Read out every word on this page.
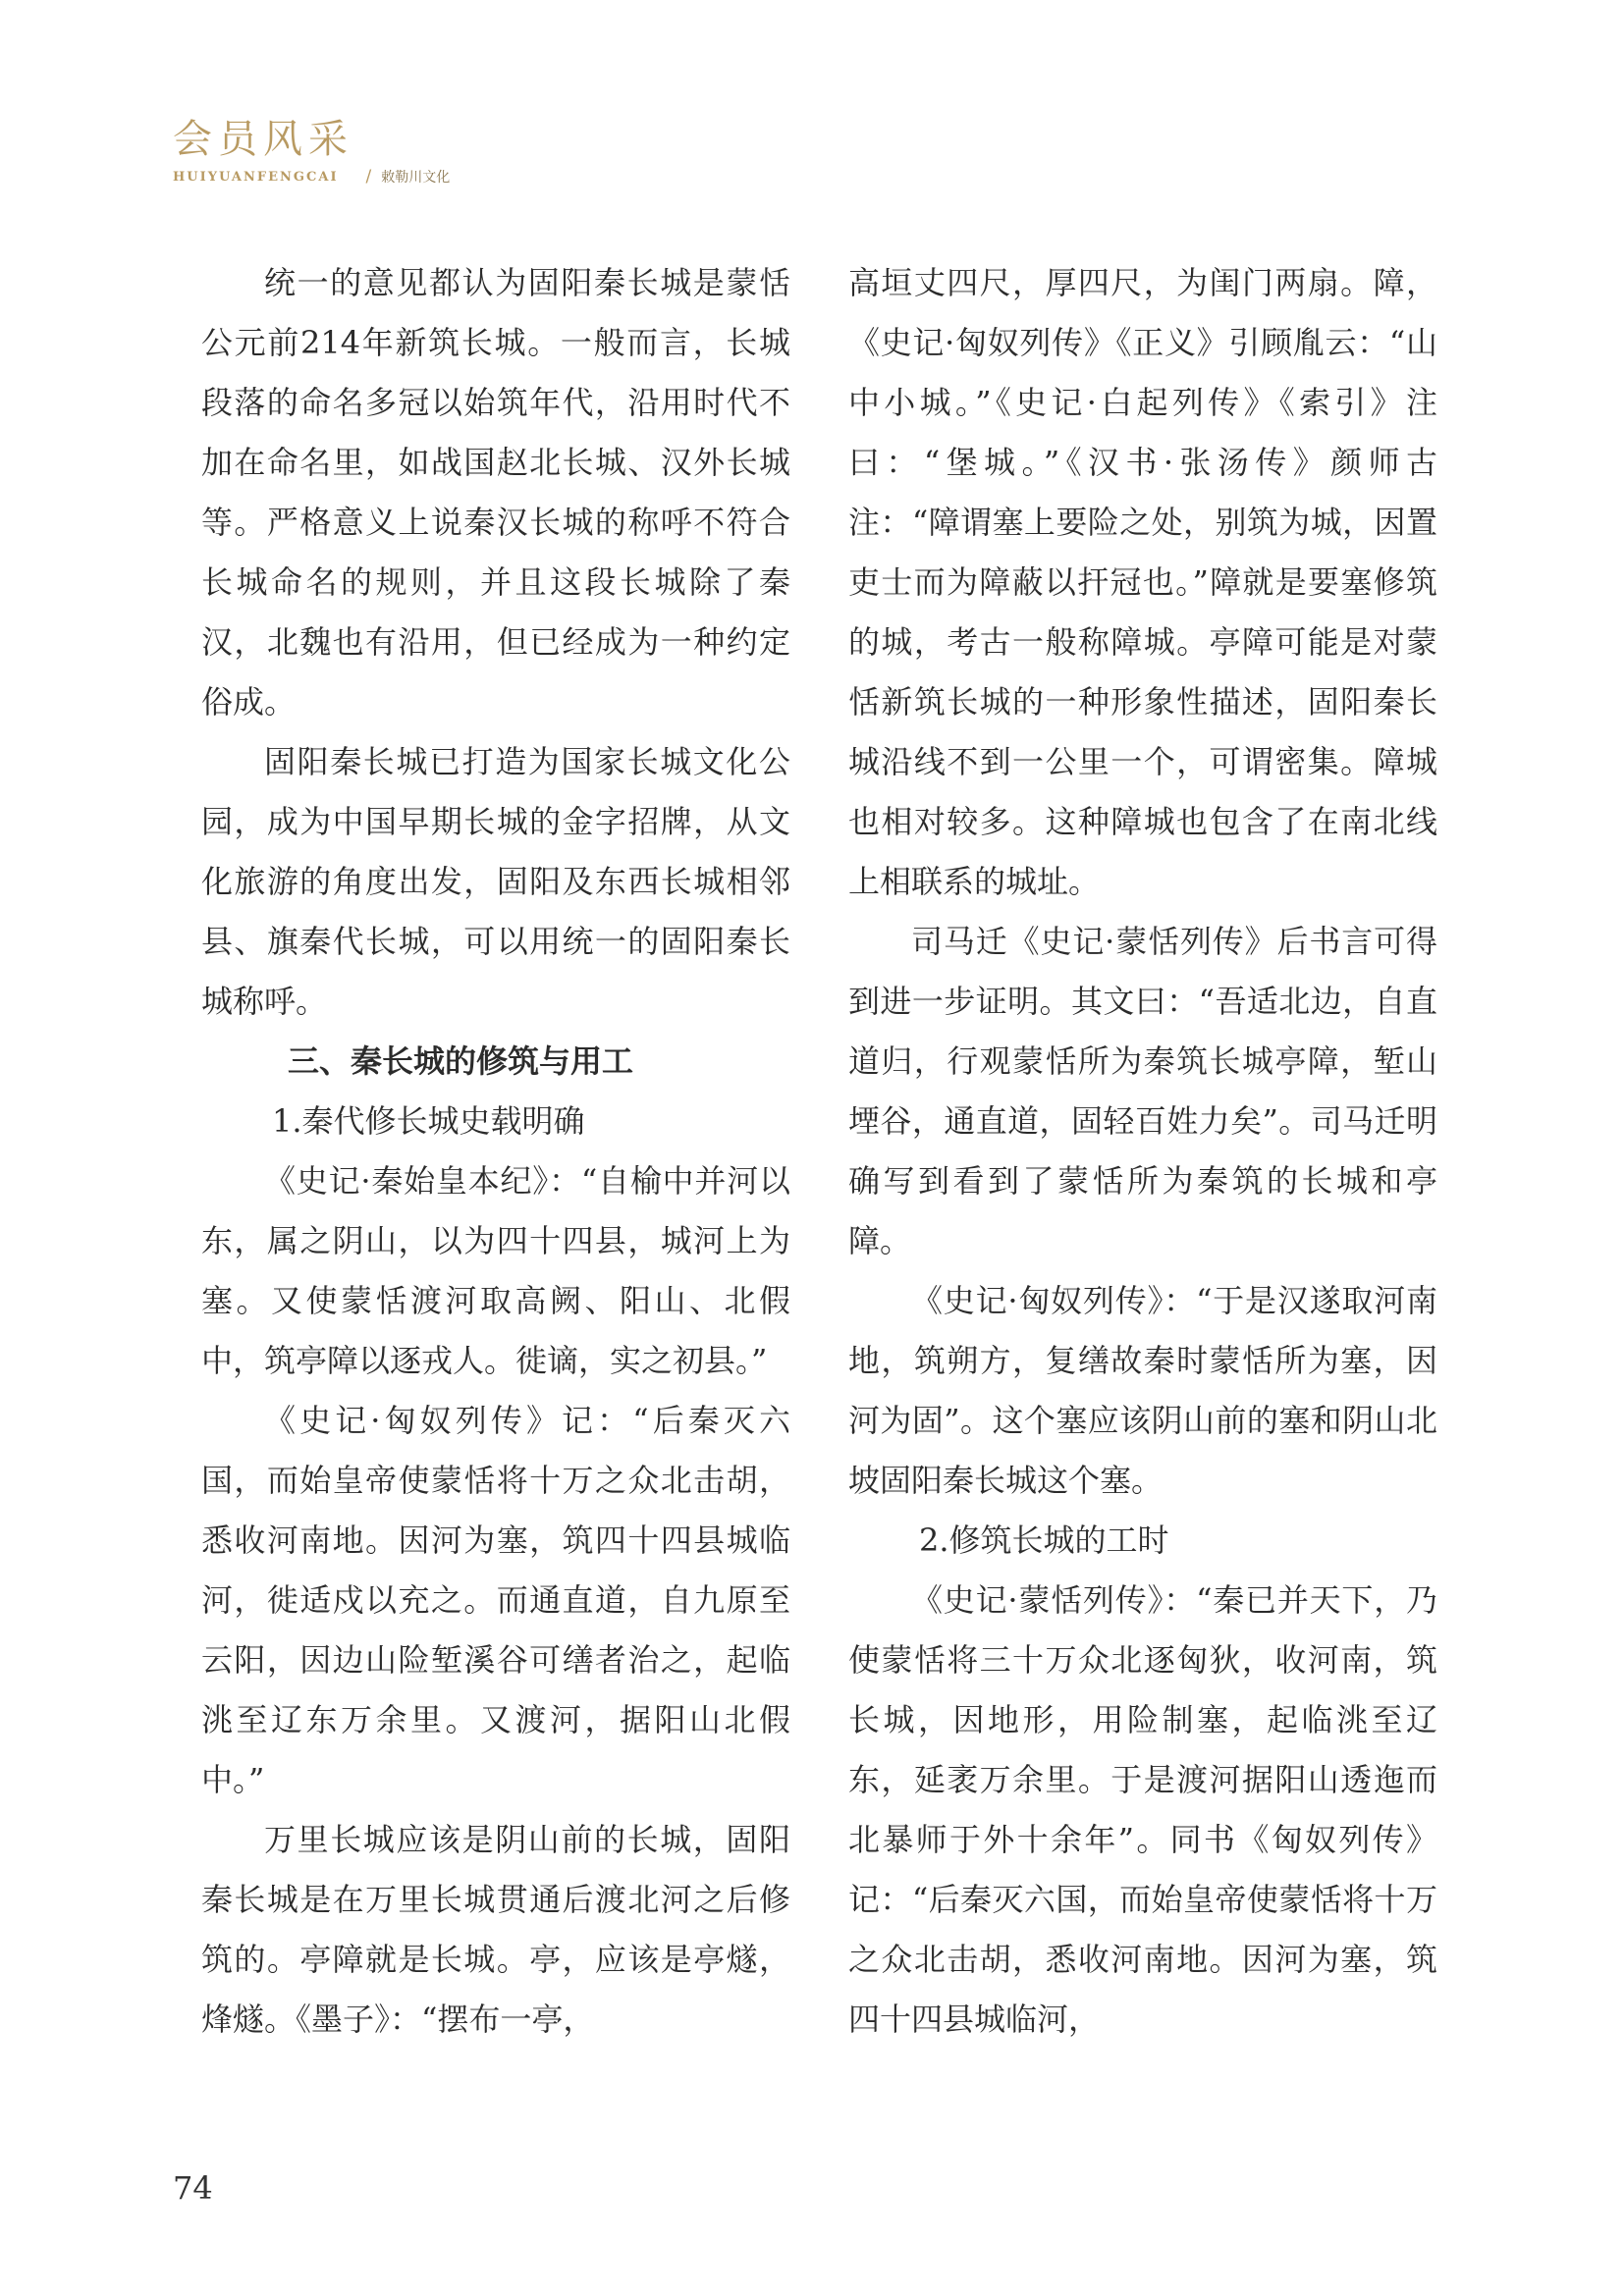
会员风采
HUIYUANFENGCAI / 敕勒川文化

统一的意见都认为固阳秦长城是蒙恬公元前214年新筑长城。一般而言，长城段落的命名多冠以始筑年代，沿用时代不加在命名里，如战国赵北长城、汉外长城等。严格意义上说秦汉长城的称呼不符合长城命名的规则，并且这段长城除了秦汉，北魏也有沿用，但已经成为一种约定俗成。

固阳秦长城已打造为国家长城文化公园，成为中国早期长城的金字招牌，从文化旅游的角度出发，固阳及东西长城相邻县、旗秦代长城，可以用统一的固阳秦长城称呼。

三、秦长城的修筑与用工

1.秦代修长城史载明确

《史记·秦始皇本纪》：“自榆中并河以东，属之阴山，以为四十四县，城河上为塞。又使蒙恬渡河取高阙、阳山、北假中，筑亭障以逐戎人。徙谪，实之初县。”

《史记·匈奴列传》记：“后秦灭六国，而始皇帝使蒙恬将十万之众北击胡，悉收河南地。因河为塞，筑四十四县城临河，徙适戍以充之。而通直道，自九原至云阳，因边山险堑溪谷可缮者治之，起临洮至辽东万余里。又渡河，据阳山北假中。”

万里长城应该是阴山前的长城，固阳秦长城是在万里长城贯通后渡北河之后修筑的。亭障就是长城。亭，应该是亭燧，烽燧。《墨子》：“摆布一亭，

高垣丈四尺，厚四尺，为闺门两扇。障，《史记·匈奴列传》《正义》引顾胤云：“山中小城。”《史记·白起列传》《索引》注曰：“堡城。”《汉书·张汤传》颜师古注：“障谓塞上要险之处，别筑为城，因置吏士而为障蔽以扞冠也。”障就是要塞修筑的城，考古一般称障城。亭障可能是对蒙恬新筑长城的一种形象性描述，固阳秦长城沿线不到一公里一个，可谓密集。障城也相对较多。这种障城也包含了在南北线上相联系的城址。

司马迁《史记·蒙恬列传》后书言可得到进一步证明。其文曰：“吾适北边，自直道归，行观蒙恬所为秦筑长城亭障，堑山堙谷，通直道，固轻百姓力矣”。司马迁明确写到看到了蒙恬所为秦筑的长城和亭障。

《史记·匈奴列传》：“于是汉遂取河南地，筑朔方，复缮故秦时蒙恬所为塞，因河为固”。这个塞应该阴山前的塞和阴山北坡固阳秦长城这个塞。

2.修筑长城的工时

《史记·蒙恬列传》：“秦已并天下，乃使蒙恬将三十万众北逐匈狄，收河南，筑长城，因地形，用险制塞，起临洮至辽东，延袤万余里。于是渡河据阳山透迤而北暴师于外十余年”。同书《匈奴列传》记：“后秦灭六国，而始皇帝使蒙恬将十万之众北击胡，悉收河南地。因河为塞，筑四十四县城临河，

74
